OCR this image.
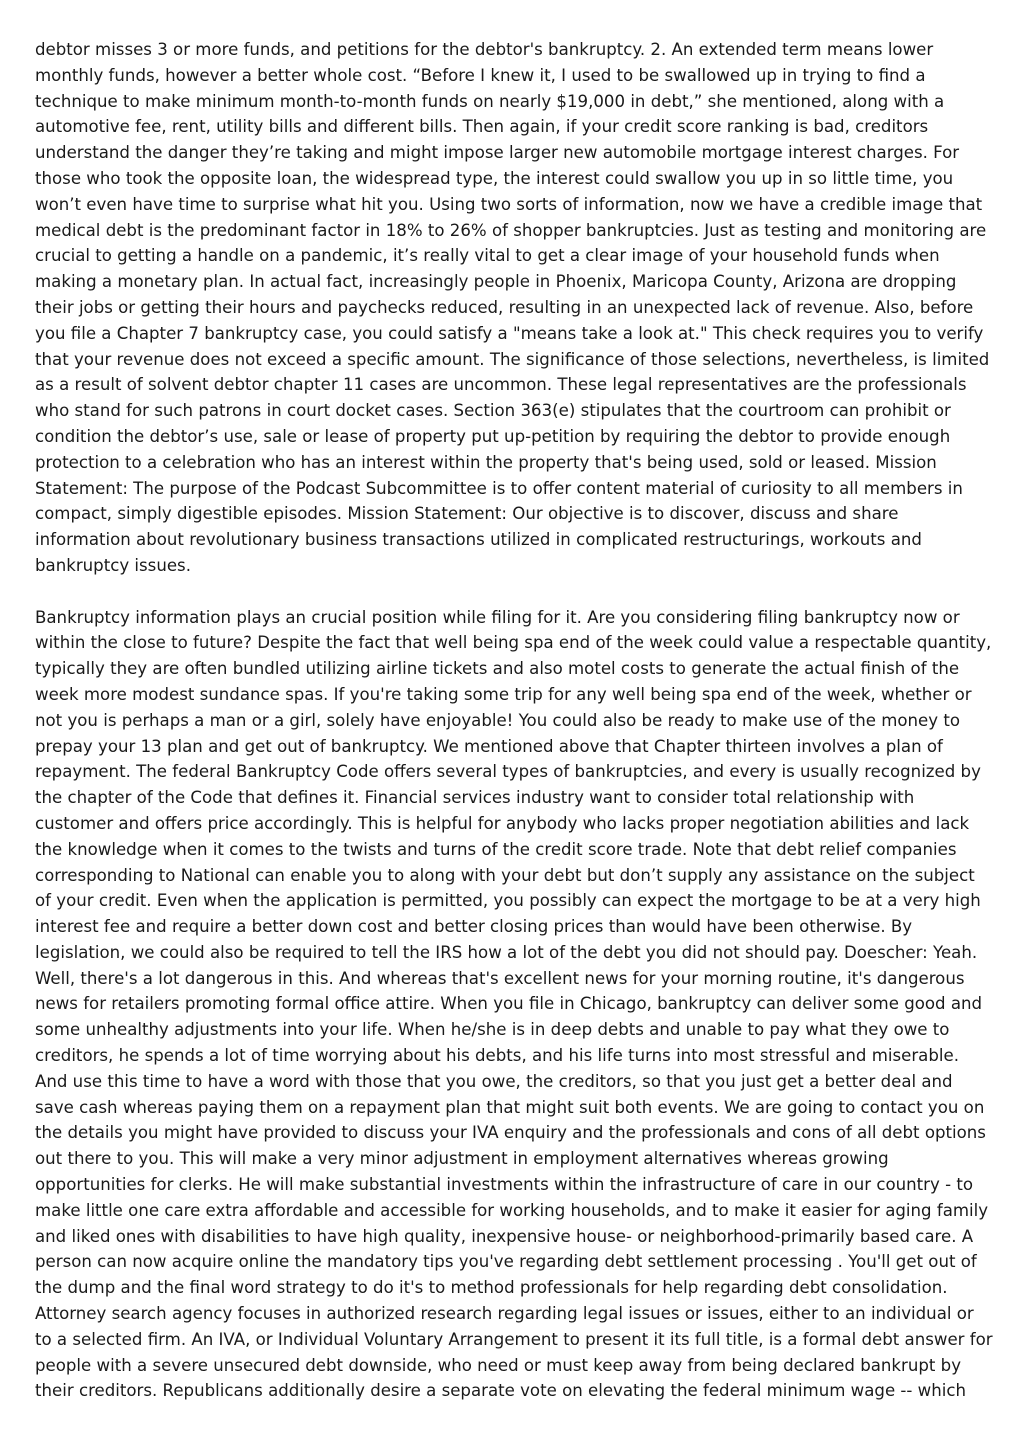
debtor misses 3 or more funds, and petitions for the debtor's bankruptcy. 2. An extended term means lower monthly funds, however a better whole cost. “Before I knew it, I used to be swallowed up in trying to find a technique to make minimum month-to-month funds on nearly $19,000 in debt,” she mentioned, along with a automotive fee, rent, utility bills and different bills. Then again, if your credit score ranking is bad, creditors understand the danger they’re taking and might impose larger new automobile mortgage interest charges. For those who took the opposite loan, the widespread type, the interest could swallow you up in so little time, you won’t even have time to surprise what hit you. Using two sorts of information, now we have a credible image that medical debt is the predominant factor in 18% to 26% of shopper bankruptcies. Just as testing and monitoring are crucial to getting a handle on a pandemic, it’s really vital to get a clear image of your household funds when making a monetary plan. In actual fact, increasingly people in Phoenix, Maricopa County, Arizona are dropping their jobs or getting their hours and paychecks reduced, resulting in an unexpected lack of revenue. Also, before you file a Chapter 7 bankruptcy case, you could satisfy a "means take a look at." This check requires you to verify that your revenue does not exceed a specific amount. The significance of those selections, nevertheless, is limited as a result of solvent debtor chapter 11 cases are uncommon. These legal representatives are the professionals who stand for such patrons in court docket cases. Section 363(e) stipulates that the courtroom can prohibit or condition the debtor’s use, sale or lease of property put up-petition by requiring the debtor to provide enough protection to a celebration who has an interest within the property that's being used, sold or leased. Mission Statement: The purpose of the Podcast Subcommittee is to offer content material of curiosity to all members in compact, simply digestible episodes. Mission Statement: Our objective is to discover, discuss and share information about revolutionary business transactions utilized in complicated restructurings, workouts and bankruptcy issues.

Bankruptcy information plays an crucial position while filing for it. Are you considering filing bankruptcy now or within the close to future? Despite the fact that well being spa end of the week could value a respectable quantity, typically they are often bundled utilizing airline tickets and also motel costs to generate the actual finish of the week more modest sundance spas. If you're taking some trip for any well being spa end of the week, whether or not you is perhaps a man or a girl, solely have enjoyable! You could also be ready to make use of the money to prepay your 13 plan and get out of bankruptcy. We mentioned above that Chapter thirteen involves a plan of repayment. The federal Bankruptcy Code offers several types of bankruptcies, and every is usually recognized by the chapter of the Code that defines it. Financial services industry want to consider total relationship with customer and offers price accordingly. This is helpful for anybody who lacks proper negotiation abilities and lack the knowledge when it comes to the twists and turns of the credit score trade. Note that debt relief companies corresponding to National can enable you to along with your debt but don’t supply any assistance on the subject of your credit. Even when the application is permitted, you possibly can expect the mortgage to be at a very high interest fee and require a better down cost and better closing prices than would have been otherwise. By legislation, we could also be required to tell the IRS how a lot of the debt you did not should pay. Doescher: Yeah. Well, there's a lot dangerous in this. And whereas that's excellent news for your morning routine, it's dangerous news for retailers promoting formal office attire. When you file in Chicago, bankruptcy can deliver some good and some unhealthy adjustments into your life. When he/she is in deep debts and unable to pay what they owe to creditors, he spends a lot of time worrying about his debts, and his life turns into most stressful and miserable. And use this time to have a word with those that you owe, the creditors, so that you just get a better deal and save cash whereas paying them on a repayment plan that might suit both events. We are going to contact you on the details you might have provided to discuss your IVA enquiry and the professionals and cons of all debt options out there to you. This will make a very minor adjustment in employment alternatives whereas growing opportunities for clerks. He will make substantial investments within the infrastructure of care in our country - to make little one care extra affordable and accessible for working households, and to make it easier for aging family and liked ones with disabilities to have high quality, inexpensive house- or neighborhood-primarily based care. A person can now acquire online the mandatory tips you've regarding debt settlement processing . You'll get out of the dump and the final word strategy to do it's to method professionals for help regarding debt consolidation. Attorney search agency focuses in authorized research regarding legal issues or issues, either to an individual or to a selected firm. An IVA, or Individual Voluntary Arrangement to present it its full title, is a formal debt answer for people with a severe unsecured debt downside, who need or must keep away from being declared bankrupt by their creditors. Republicans additionally desire a separate vote on elevating the federal minimum wage -- which
